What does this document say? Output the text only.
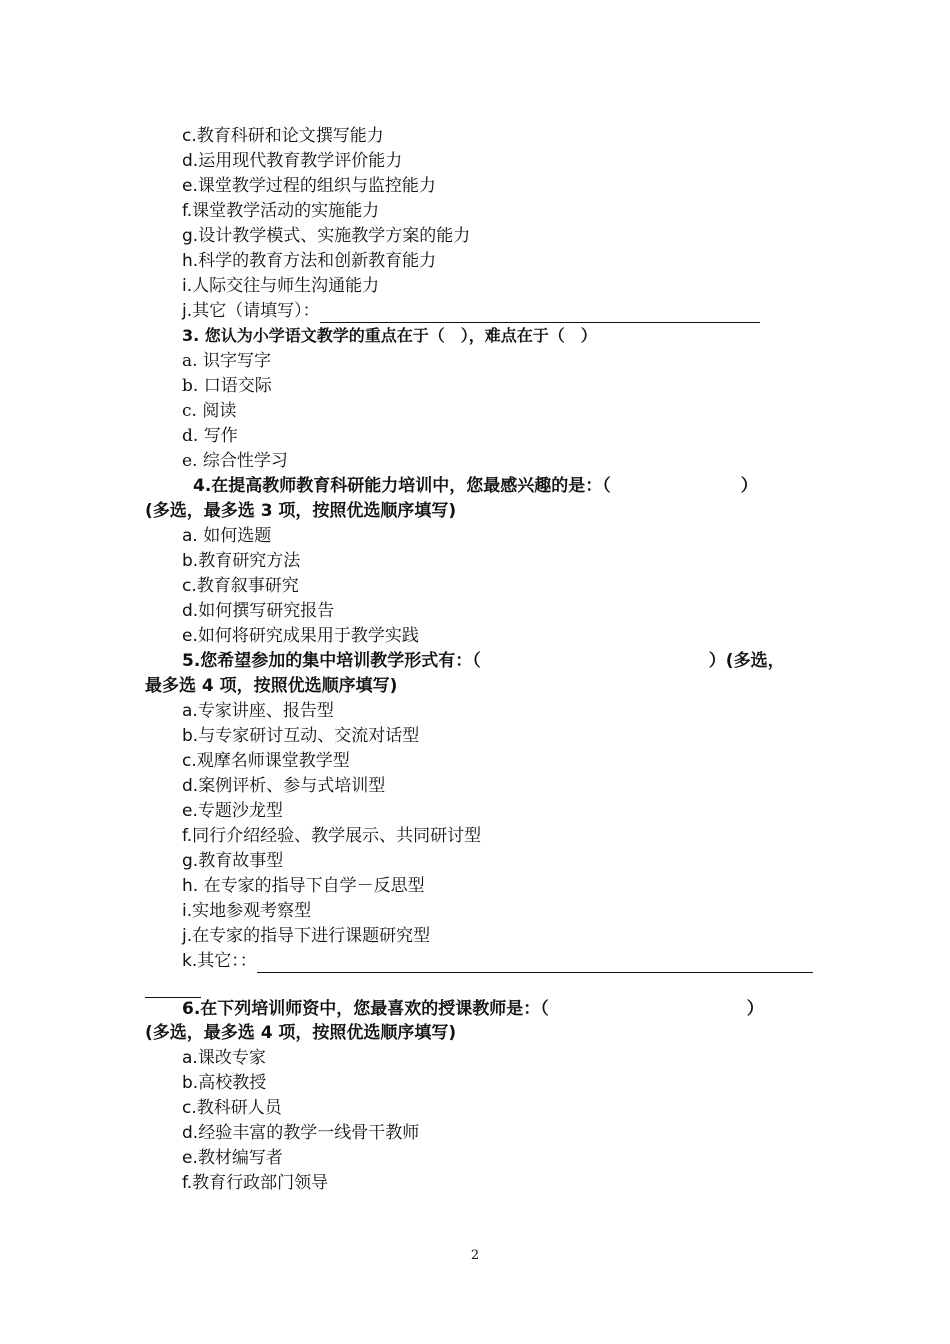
c.教育科研和论文撰写能力
d.运用现代教育教学评价能力
e.课堂教学过程的组织与监控能力
f.课堂教学活动的实施能力
g.设计教学模式、实施教学方案的能力
h.科学的教育方法和创新教育能力
i.人际交往与师生沟通能力
j.其它（请填写）：
3. 您认为小学语文教学的重点在于（　），难点在于（　）
a. 识字写字
b. 口语交际
c. 阅读
d. 写作
e. 综合性学习
4.在提高教师教育科研能力培训中，您最感兴趣的是：（	）
(多选，最多选 3 项，按照优选顺序填写)
a. 如何选题
b.教育研究方法
c.教育叙事研究
d.如何撰写研究报告
e.如何将研究成果用于教学实践
5.您希望参加的集中培训教学形式有：（	）(多选，
最多选 4 项，按照优选顺序填写)
a.专家讲座、报告型
b.与专家研讨互动、交流对话型
c.观摩名师课堂教学型
d.案例评析、参与式培训型
e.专题沙龙型
f.同行介绍经验、教学展示、共同研讨型
g.教育故事型
h. 在专家的指导下自学－反思型
i.实地参观考察型
j.在专家的指导下进行课题研究型
k.其它：：
6.在下列培训师资中，您最喜欢的授课教师是：（	）
(多选，最多选 4 项，按照优选顺序填写)
a.课改专家
b.高校教授
c.教科研人员
d.经验丰富的教学一线骨干教师
e.教材编写者
f.教育行政部门领导
2
